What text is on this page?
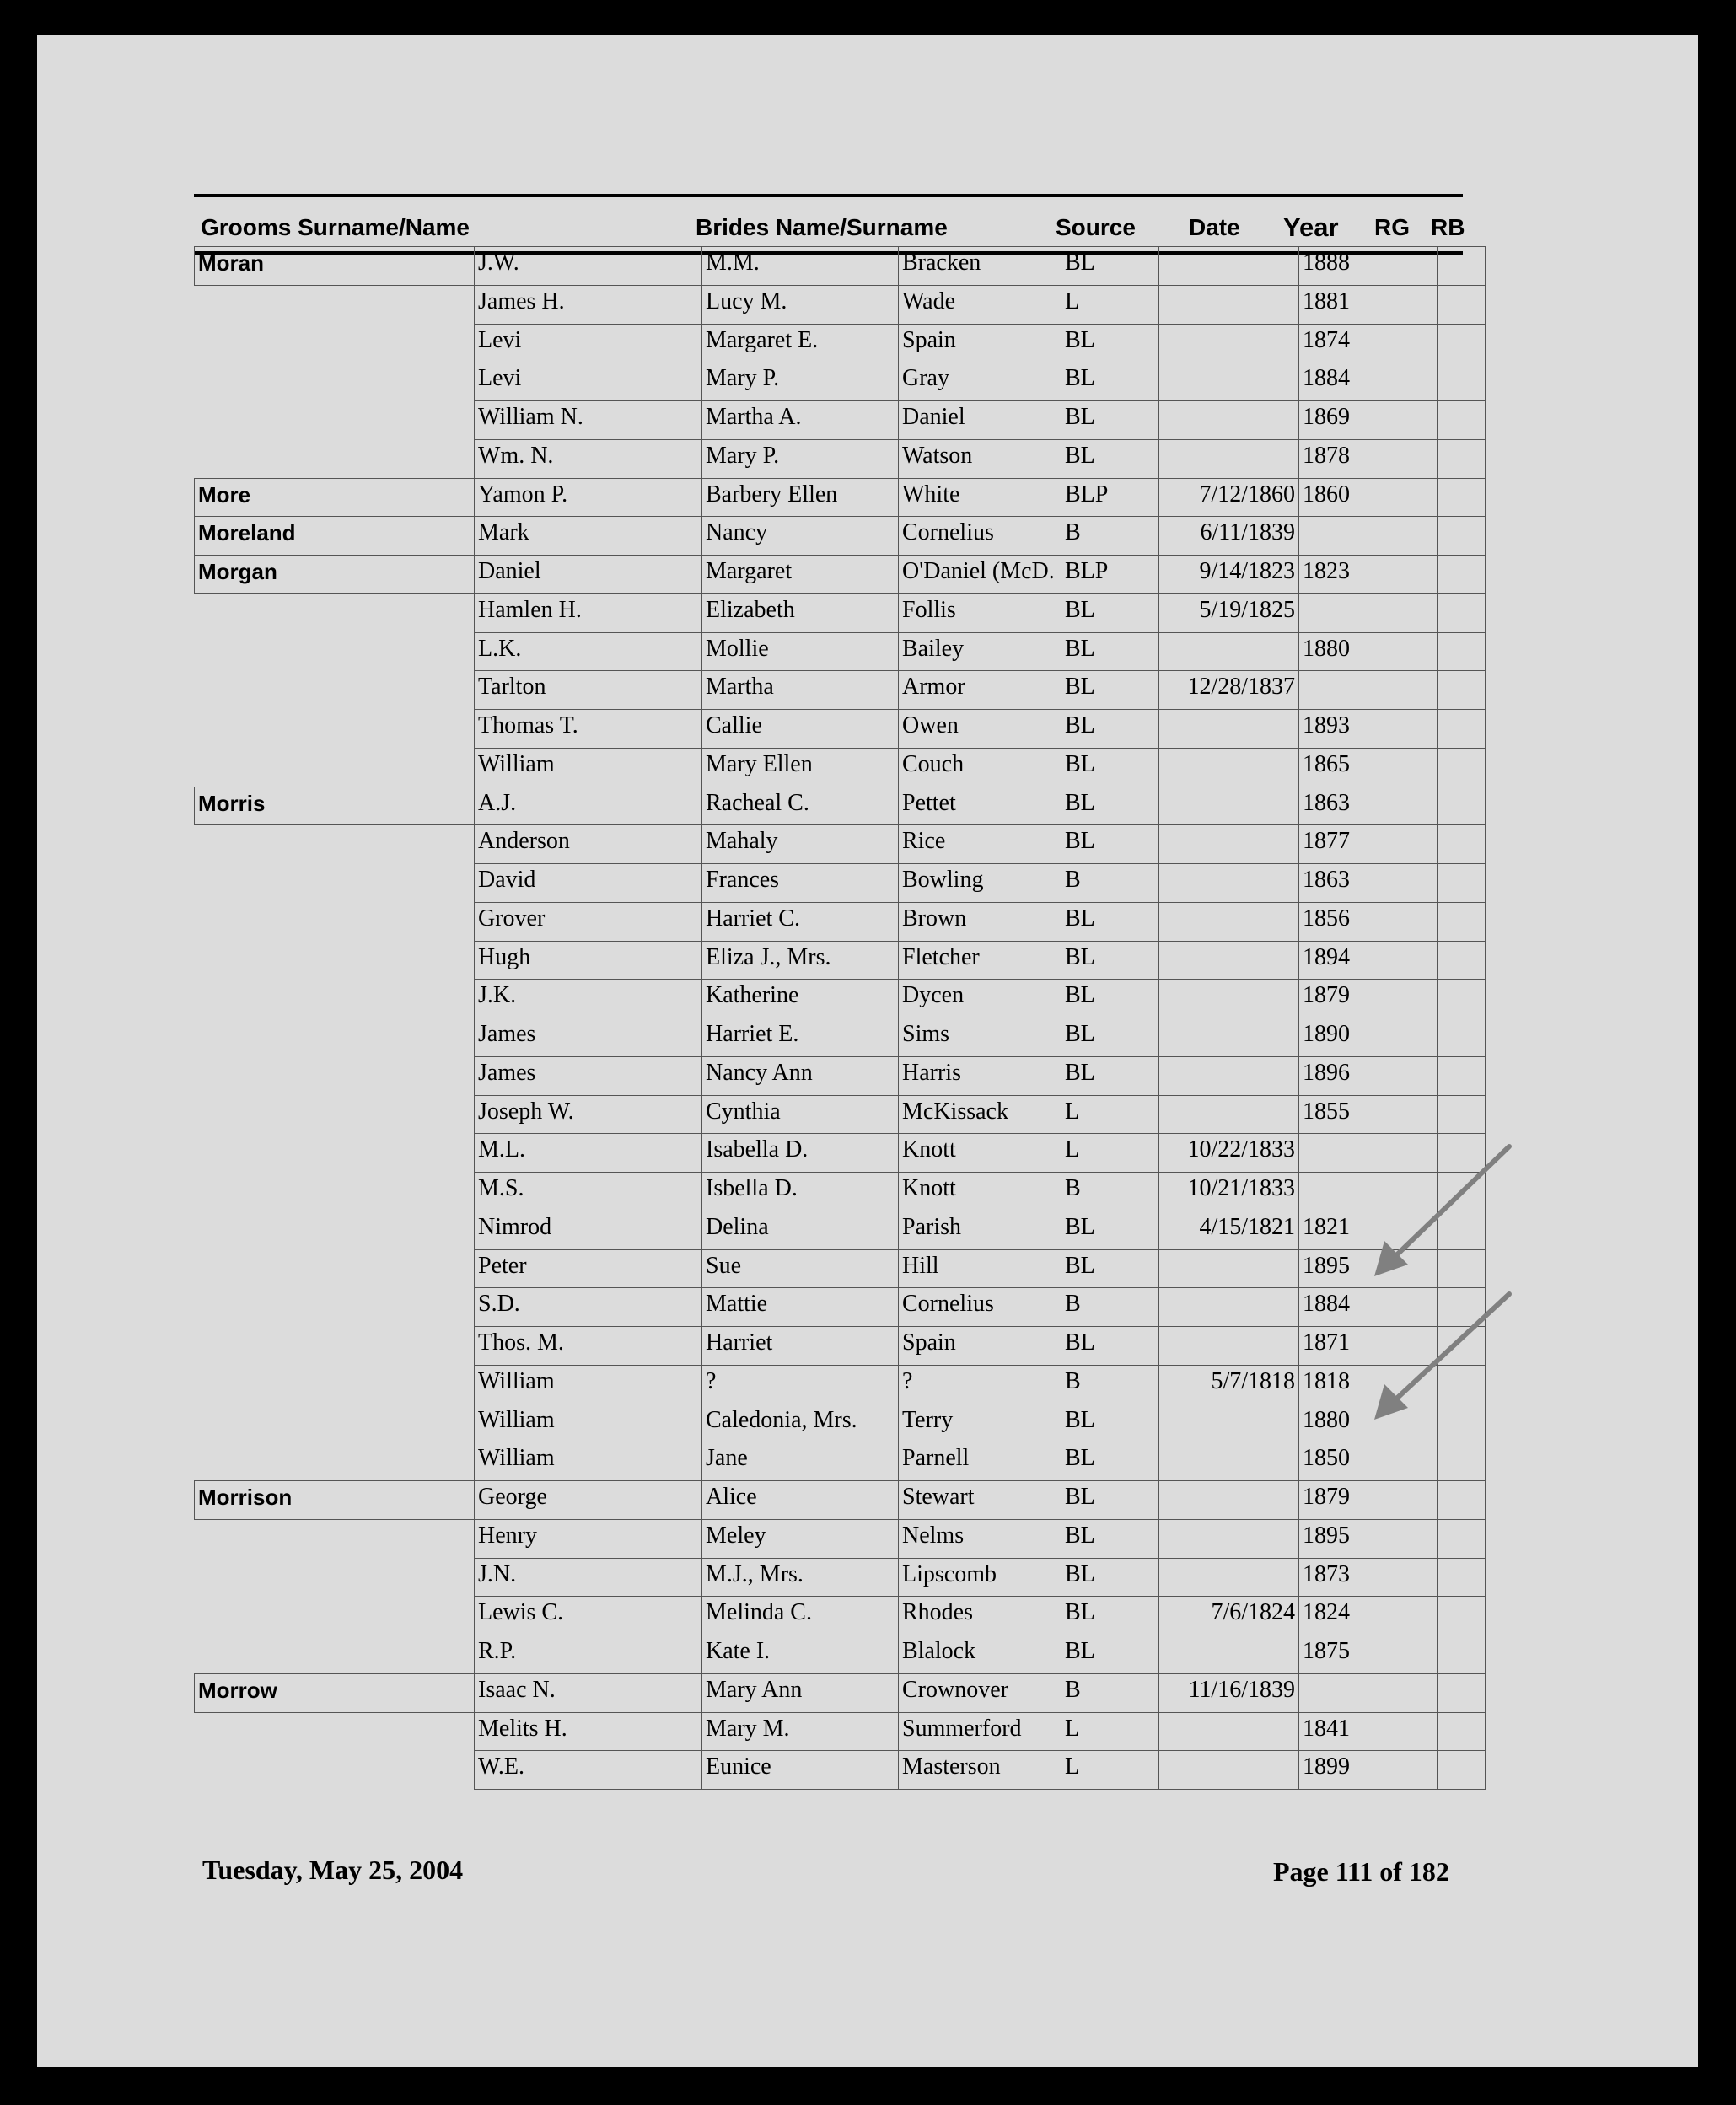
Grooms Surname/Name	Brides Name/Surname	Source Date Year RG RB
Moran	J.W.	M.M.	Bracken	BL		1888		
	James H.	Lucy M.	Wade	L		1881		
	Levi	Margaret E.	Spain	BL		1874		
	Levi	Mary P.	Gray	BL		1884		
	William N.	Martha A.	Daniel	BL		1869		
	Wm. N.	Mary P.	Watson	BL		1878		
More	Yamon P.	Barbery Ellen	White	BLP	7/12/1860	1860		
Moreland	Mark	Nancy	Cornelius	B	6/11/1839			
Morgan	Daniel	Margaret	O'Daniel (McD.	BLP	9/14/1823	1823		
	Hamlen H.	Elizabeth	Follis	BL	5/19/1825			
	L.K.	Mollie	Bailey	BL		1880		
	Tarlton	Martha	Armor	BL	12/28/1837			
	Thomas T.	Callie	Owen	BL		1893		
	William	Mary Ellen	Couch	BL		1865		
Morris	A.J.	Racheal C.	Pettet	BL		1863		
	Anderson	Mahaly	Rice	BL		1877		
	David	Frances	Bowling	B		1863		
	Grover	Harriet C.	Brown	BL		1856		
	Hugh	Eliza J., Mrs.	Fletcher	BL		1894		
	J.K.	Katherine	Dycen	BL		1879		
	James	Harriet E.	Sims	BL		1890		
	James	Nancy Ann	Harris	BL		1896		
	Joseph W.	Cynthia	McKissack	L		1855		
	M.L.	Isabella D.	Knott	L	10/22/1833			
	M.S.	Isbella D.	Knott	B	10/21/1833			
	Nimrod	Delina	Parish	BL	4/15/1821	1821		
	Peter	Sue	Hill	BL		1895		
	S.D.	Mattie	Cornelius	B		1884		
	Thos. M.	Harriet	Spain	BL		1871		
	William	?	?	B	5/7/1818	1818		
	William	Caledonia, Mrs.	Terry	BL		1880		
	William	Jane	Parnell	BL		1850		
Morrison	George	Alice	Stewart	BL		1879		
	Henry	Meley	Nelms	BL		1895		
	J.N.	M.J., Mrs.	Lipscomb	BL		1873		
	Lewis C.	Melinda C.	Rhodes	BL	7/6/1824	1824		
	R.P.	Kate I.	Blalock	BL		1875		
Morrow	Isaac N.	Mary Ann	Crownover	B	11/16/1839			
	Melits H.	Mary M.	Summerford	L		1841		
	W.E.	Eunice	Masterson	L		1899		
Tuesday, May 25, 2004	Page 111 of 182
